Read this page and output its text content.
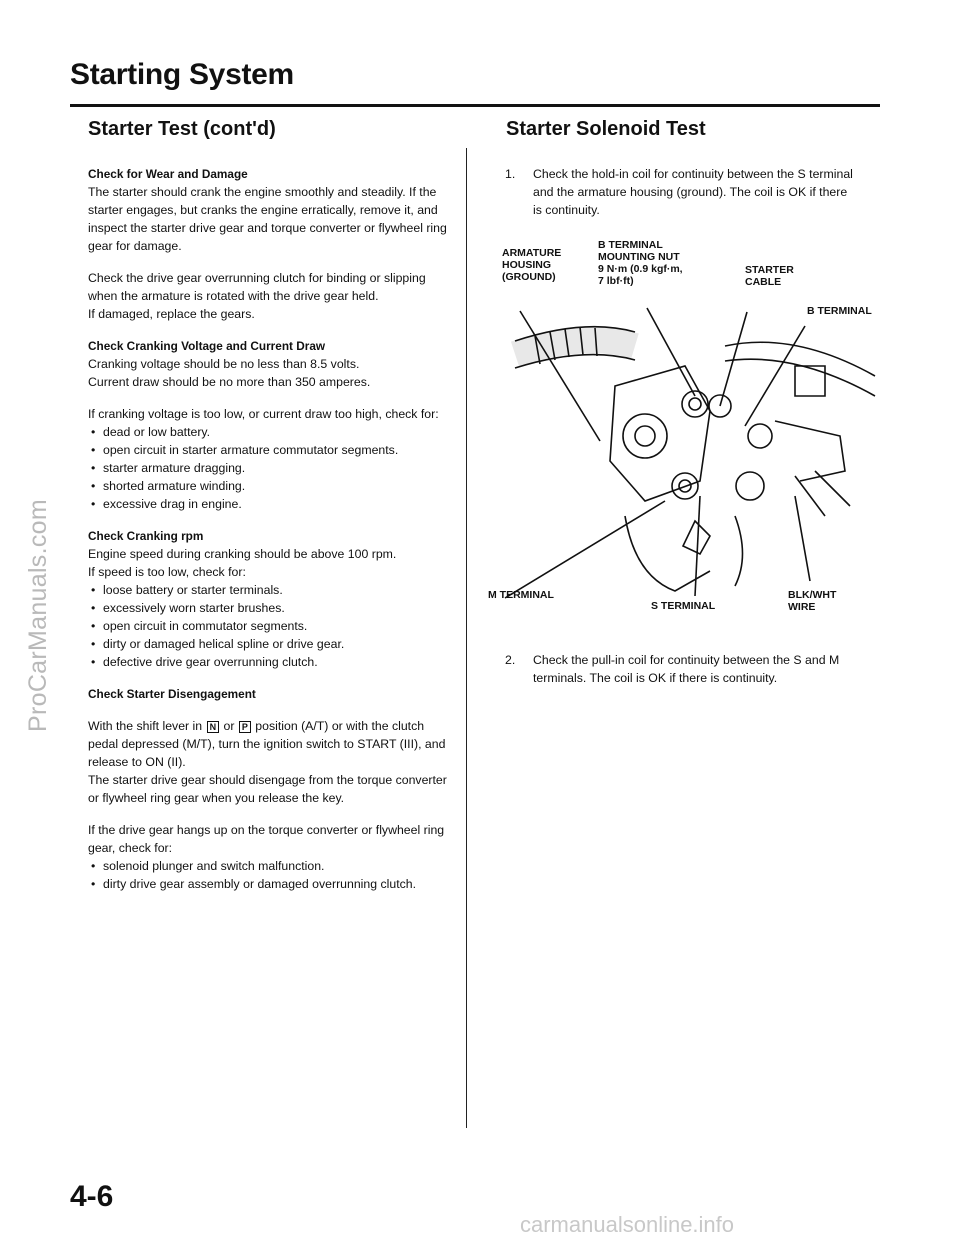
ProCarManuals.com
Starting System
Starter Test (cont'd)	Starter Solenoid Test
Check for Wear and Damage

The starter should crank the engine smoothly and steadily. If the starter engages, but cranks the engine erratically, remove it, and inspect the starter drive gear and torque converter or flywheel ring gear for damage.

Check the drive gear overrunning clutch for binding or slipping when the armature is rotated with the drive gear held.

If damaged, replace the gears.

Check Cranking Voltage and Current Draw
Cranking voltage should be no less than 8.5 volts.

Current draw should be no more than 350 amperes.

If cranking voltage is too low, or current draw too high, check for:
• dead or low battery.
• open circuit in starter armature commutator segments.
• starter armature dragging.
• shorted armature winding.
• excessive drag in engine.
Check Cranking rpm
Engine speed during cranking should be above 100 rpm.
If speed is too low, check for:
• loose battery or starter terminals.
• excessively worn starter brushes.
• open circuit in commutator segments.
• dirty or damaged helical spline or drive gear.
• defective drive gear overrunning clutch.

Check Starter Disengagement

With the shift lever in N or P position (A/T) or with the clutch pedal depressed (M/T), turn the ignition switch to START (III), and release to ON (II).

The starter drive gear should disengage from the torque converter or flywheel ring gear when you release the key.

If the drive gear hangs up on the torque converter or flywheel ring gear, check for:
• solenoid plunger and switch malfunction.
• dirty drive gear assembly or damaged overrunning clutch.
1. Check the hold-in coil for continuity between the S terminal and the armature housing (ground). The coil is OK if there is continuity.
ARMATURE
HOUSING
(GROUND)
B TERMINAL
MOUNTING NUT
9 N·m (0.9 kgf·m,
7 lbf·ft)
STARTER
CABLE
B TERMINAL
M TERMINAL
S TERMINAL
BLK/WHT
WIRE
2. Check the pull-in coil for continuity between the S and M terminals. The coil is OK if there is continuity.
4-6
carmanualsonline.info
